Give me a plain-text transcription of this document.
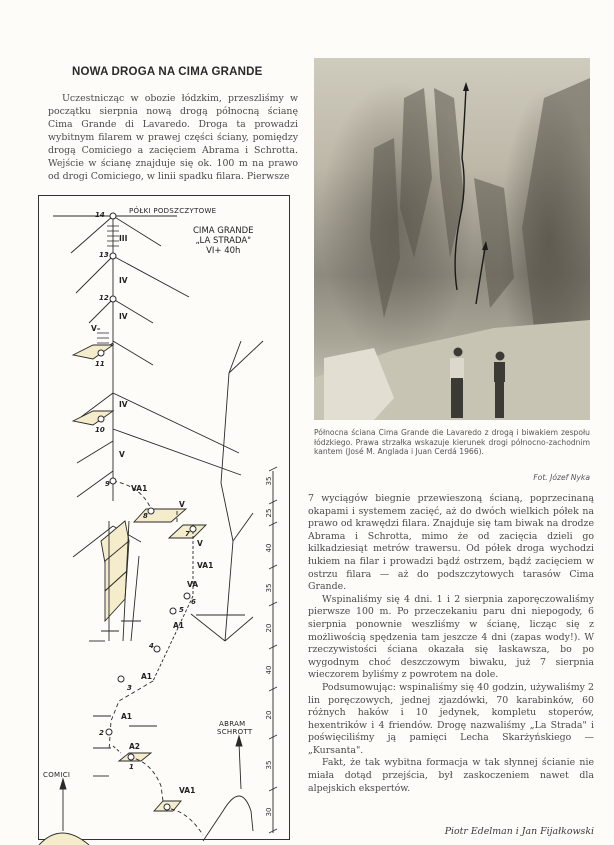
NOWA DROGA NA CIMA GRANDE
Uczestnicząc w obozie łódzkim, przeszliśmy w początku sierpnia nową drogą północną ścianę Cima Grande di Lavaredo. Droga ta prowadzi wybitnym filarem w prawej części ściany, pomiędzy drogą Comiciego a zacięciem Abrama i Schrotta. Wejście w ścianę znajduje się ok. 100 m na prawo od drogi Comiciego, w linii spadku filara. Pierwsze
PÓŁKI PODSZCZYTOWE
CIMA GRANDE
„LA STRADA"
VI+ 40h
14
13
12
11
10
9
8
7
6
5
4
3
2
1
III
IV
IV
V–
IV
V
VA1
V
V
VA1
VA
A1
A1
A1
A2
VA1
COMICI
ABRAM
SCHROTT
35
25
40
35
20
40
20
35
30
Północna ściana Cima Grande die Lavaredo z drogą i biwakiem zespołu łódzkiego. Prawa strzałka wskazuje kierunek drogi północno-zachodnim kantem (José M. Anglada i Juan Cerdá 1966).
Fot. Józef Nyka

7 wyciągów biegnie przewieszoną ścianą, poprzecinaną okapami i systemem zacięć, aż do dwóch wielkich półek na prawo od krawędzi filara. Znajduje się tam biwak na drodze Abrama i Schrotta, mimo że od zacięcia dzieli go kilkadziesiąt metrów trawersu. Od półek droga wychodzi łukiem na filar i prowadzi bądź ostrzem, bądź zacięciem w ostrzu filara — aż do podszczytowych tarasów Cima Grande.

Wspinaliśmy się 4 dni. 1 i 2 sierpnia zaporęczowaliśmy pierwsze 100 m. Po przeczekaniu paru dni niepogody, 6 sierpnia ponownie weszliśmy w ścianę, licząc się z możliwością spędzenia tam jeszcze 4 dni (zapas wody!). W rzeczywistości ściana okazała się łaskawsza, bo po wygodnym choć deszczowym biwaku, już 7 sierpnia wieczorem byliśmy z powrotem na dole.

Podsumowując: wspinaliśmy się 40 godzin, używaliśmy 2 lin poręczowych, jednej zjazdówki, 70 karabinków, 60 różnych haków i 10 jedynek, kompletu stoperów, hexentrików i 4 friendów. Drogę nazwaliśmy „La Strada" i poświęciliśmy ją pamięci Lecha Skarżyńskiego — „Kursanta".

Fakt, że tak wybitna formacja w tak słynnej ścianie nie miała dotąd przejścia, był zaskoczeniem nawet dla alpejskich ekspertów.

Piotr Edelman i Jan Fijałkowski
